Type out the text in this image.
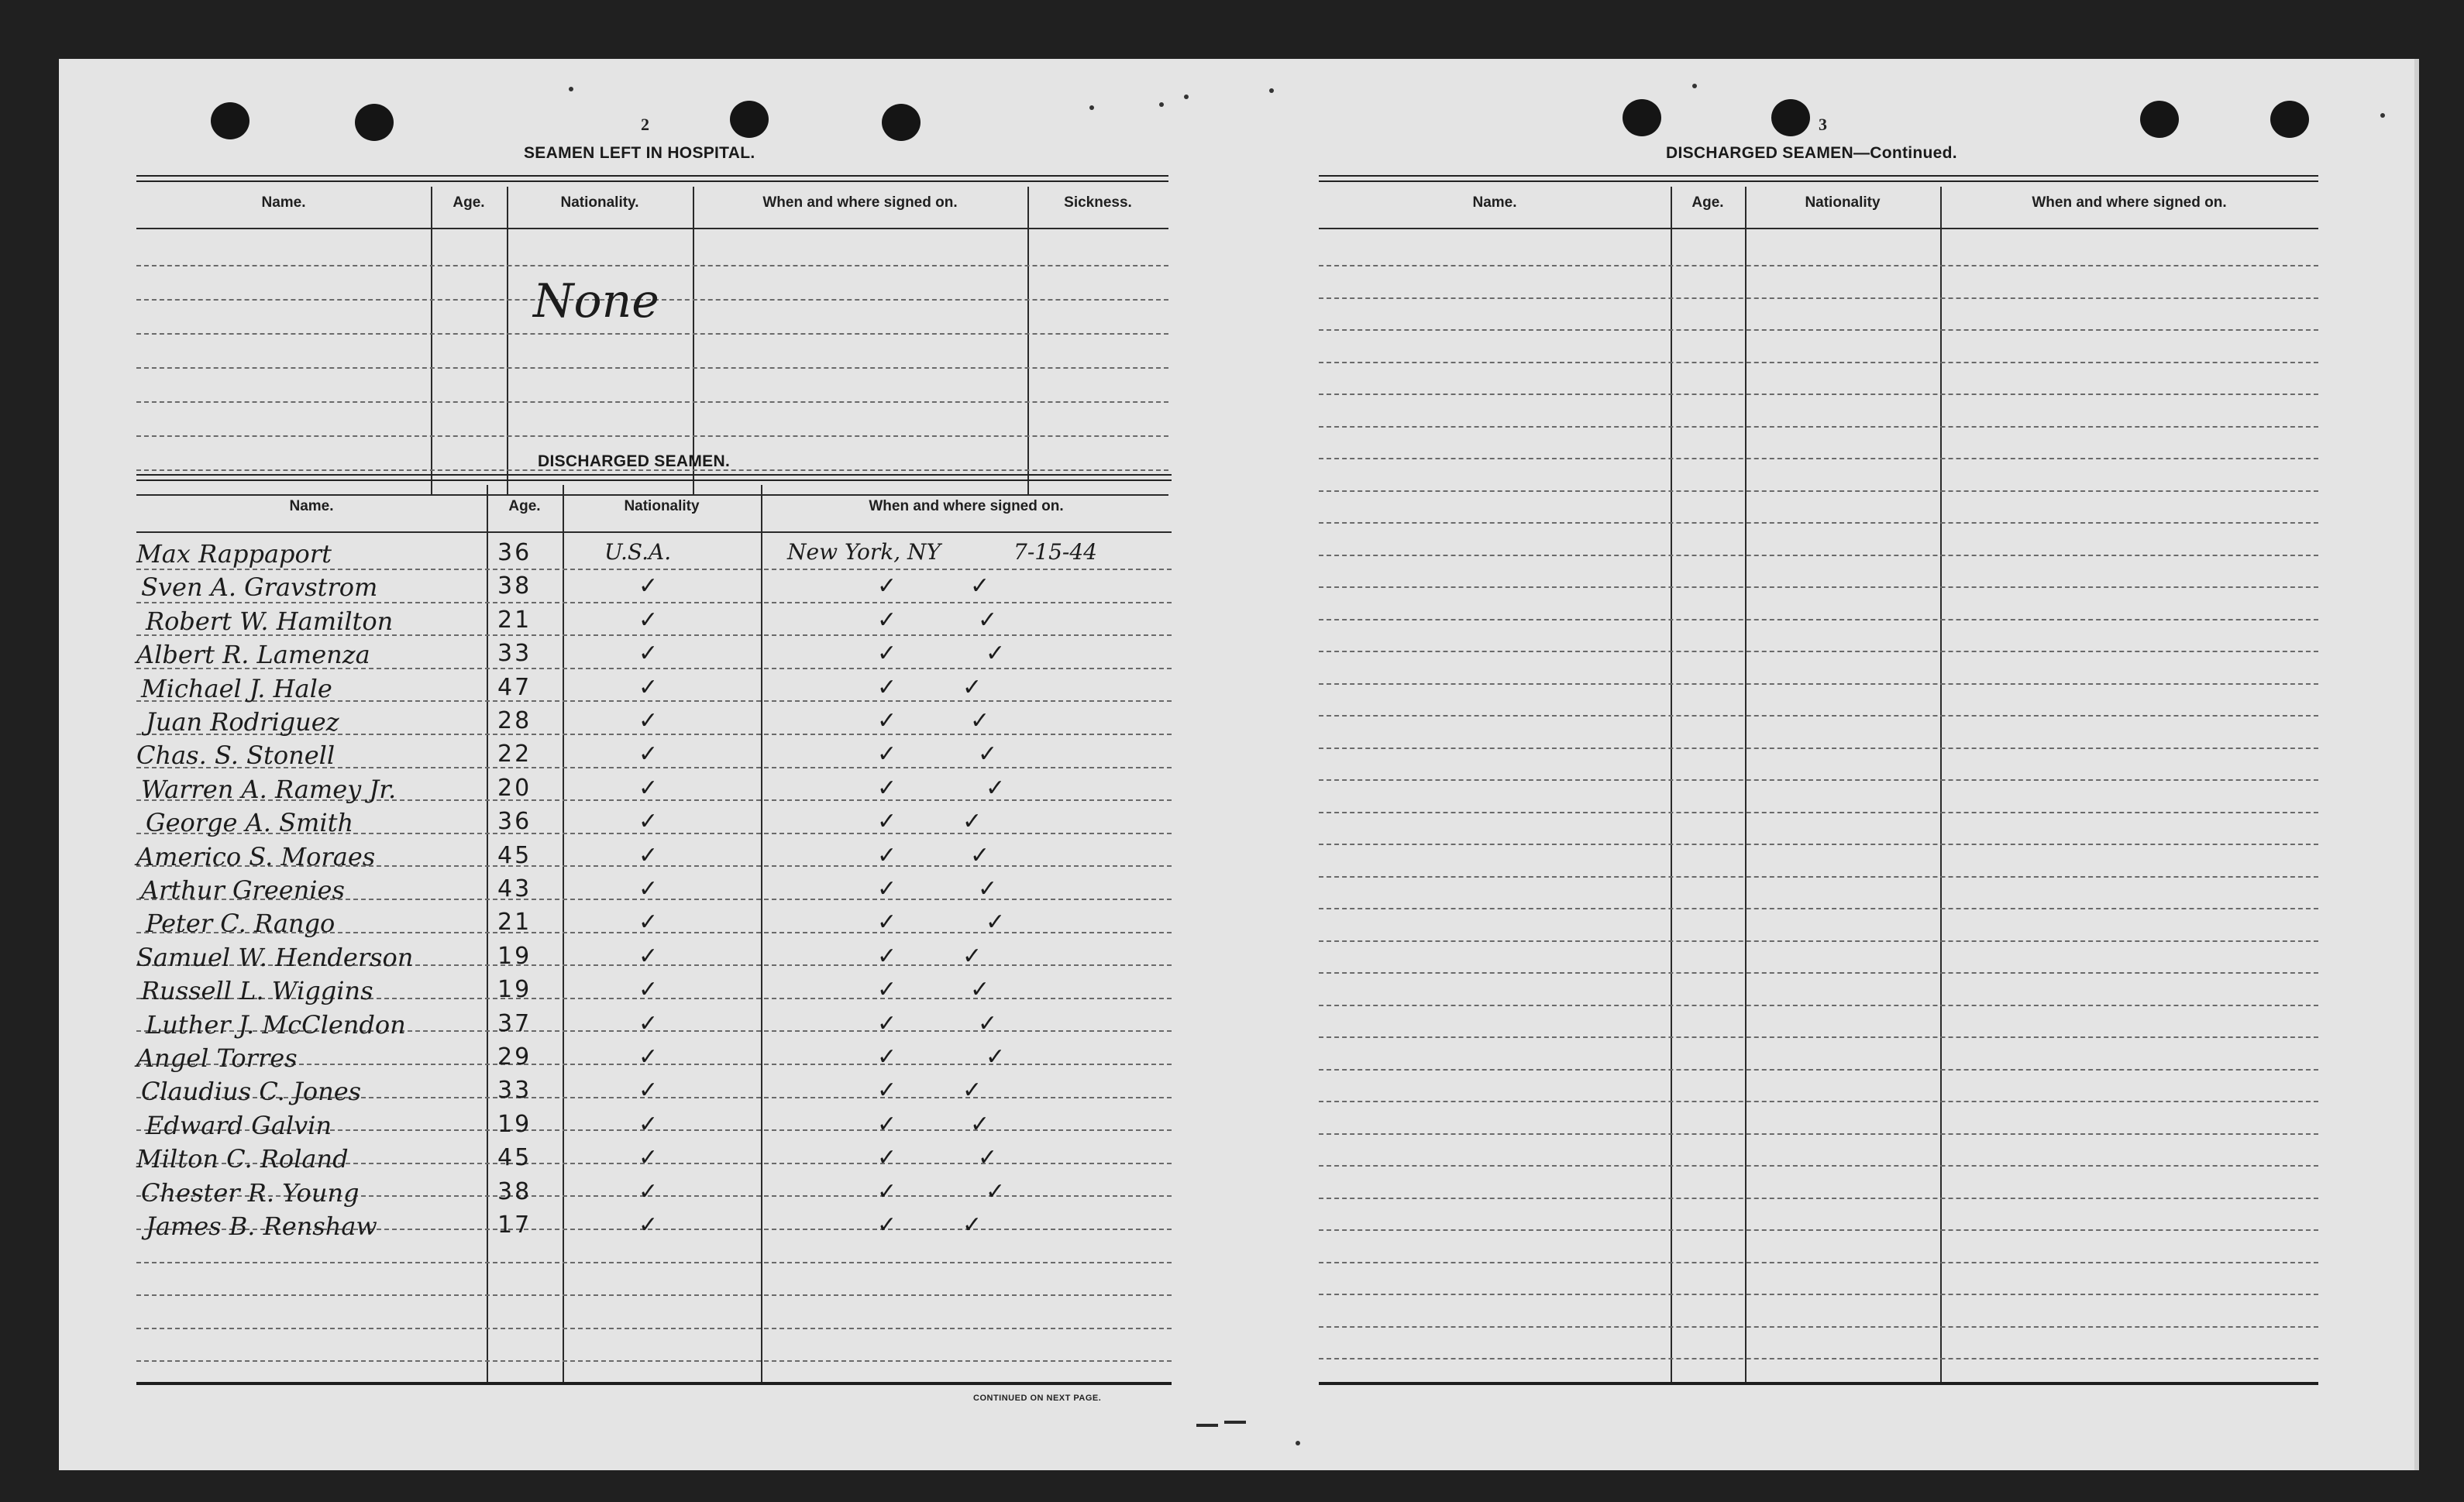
2
SEAMEN LEFT IN HOSPITAL.
Name.	Age.	Nationality.	When and where signed on.	Sickness.
None
DISCHARGED SEAMEN.
Name.	Age.	Nationality	When and where signed on.
Max Rappaport	36	U.S.A.	New York, NY	7-15-44
Sven A. Gravstrom	38	✓	✓	✓
Robert W. Hamilton	21	✓	✓	✓
Albert R. Lamenza	33	✓	✓	✓
Michael J. Hale	47	✓	✓	✓
Juan Rodriguez	28	✓	✓	✓
Chas. S. Stonell	22	✓	✓	✓
Warren A. Ramey Jr.	20	✓	✓	✓
George A. Smith	36	✓	✓	✓
Americo S. Moraes	45	✓	✓	✓
Arthur Greenies	43	✓	✓	✓
Peter C. Rango	21	✓	✓	✓
Samuel W. Henderson	19	✓	✓	✓
Russell L. Wiggins	19	✓	✓	✓
Luther J. McClendon	37	✓	✓	✓
Angel Torres	29	✓	✓	✓
Claudius C. Jones	33	✓	✓	✓
Edward Galvin	19	✓	✓	✓
Milton C. Roland	45	✓	✓	✓
Chester R. Young	38	✓	✓	✓
James B. Renshaw	17	✓	✓	✓
CONTINUED ON NEXT PAGE.
3
DISCHARGED SEAMEN—Continued.
Name.	Age.	Nationality	When and where signed on.
